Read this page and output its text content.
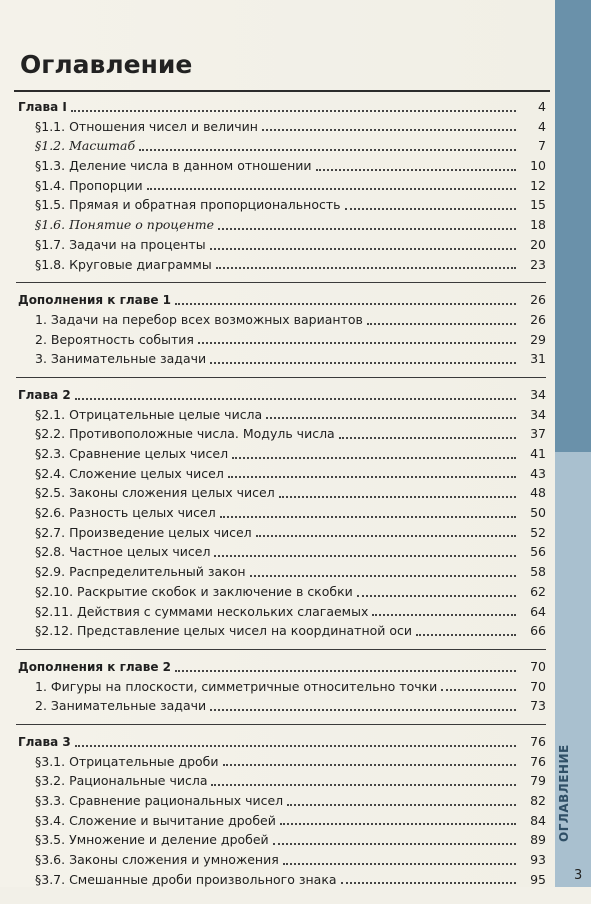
ОГЛАВЛЕНИЕ
3
Оглавление
Глава I	4
§1.1. Отношения чисел и величин	4
§1.2. Масштаб	7
§1.3. Деление числа в данном отношении	10
§1.4. Пропорции	12
§1.5. Прямая и обратная пропорциональность	15
§1.6. Понятие о проценте	18
§1.7. Задачи на проценты	20
§1.8. Круговые диаграммы	23
Дополнения к главе 1	26
1. Задачи на перебор всех возможных вариантов	26
2. Вероятность события	29
3. Занимательные задачи	31
Глава 2	34
§2.1. Отрицательные целые числа	34
§2.2. Противоположные числа. Модуль числа	37
§2.3. Сравнение целых чисел	41
§2.4. Сложение целых чисел	43
§2.5. Законы сложения целых чисел	48
§2.6. Разность целых чисел	50
§2.7. Произведение целых чисел	52
§2.8. Частное целых чисел	56
§2.9. Распределительный закон	58
§2.10. Раскрытие скобок и заключение в скобки	62
§2.11. Действия с суммами нескольких слагаемых	64
§2.12. Представление целых чисел на координатной оси	66
Дополнения к главе 2	70
1. Фигуры на плоскости, симметричные относительно точки	70
2. Занимательные задачи	73
Глава 3	76
§3.1. Отрицательные дроби	76
§3.2. Рациональные числа	79
§3.3. Сравнение рациональных чисел	82
§3.4. Сложение и вычитание дробей	84
§3.5. Умножение и деление дробей	89
§3.6. Законы сложения и умножения	93
§3.7. Смешанные дроби произвольного знака	95
